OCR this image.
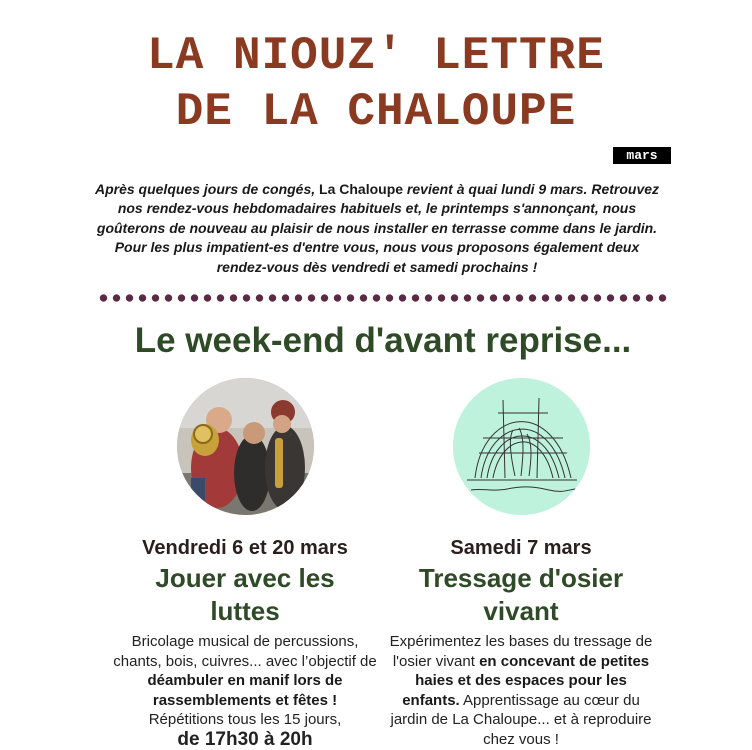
LA NIOUZ' LETTRE
DE LA CHALOUPE
mars

Après quelques jours de congés, La Chaloupe revient à quai lundi 9 mars. Retrouvez nos rendez-vous hebdomadaires habituels et, le printemps s'annonçant, nous goûterons de nouveau au plaisir de nous installer en terrasse comme dans le jardin. Pour les plus impatient-es d'entre vous, nous vous proposons également deux rendez-vous dès vendredi et samedi prochains !

Le week-end d'avant reprise...
Vendredi 6 et 20 mars
Jouer avec les
luttes

Bricolage musical de percussions, chants, bois, cuivres... avec l’objectif de déambuler en manif lors de rassemblements et fêtes !
Répétitions tous les 15 jours,
de 17h30 à 20h

Samedi 7 mars
Tressage d'osier
vivant

Expérimentez les bases du tressage de l'osier vivant en concevant de petites haies et des espaces pour les enfants. Apprentissage au cœur du jardin de La Chaloupe... et à reproduire chez vous !
